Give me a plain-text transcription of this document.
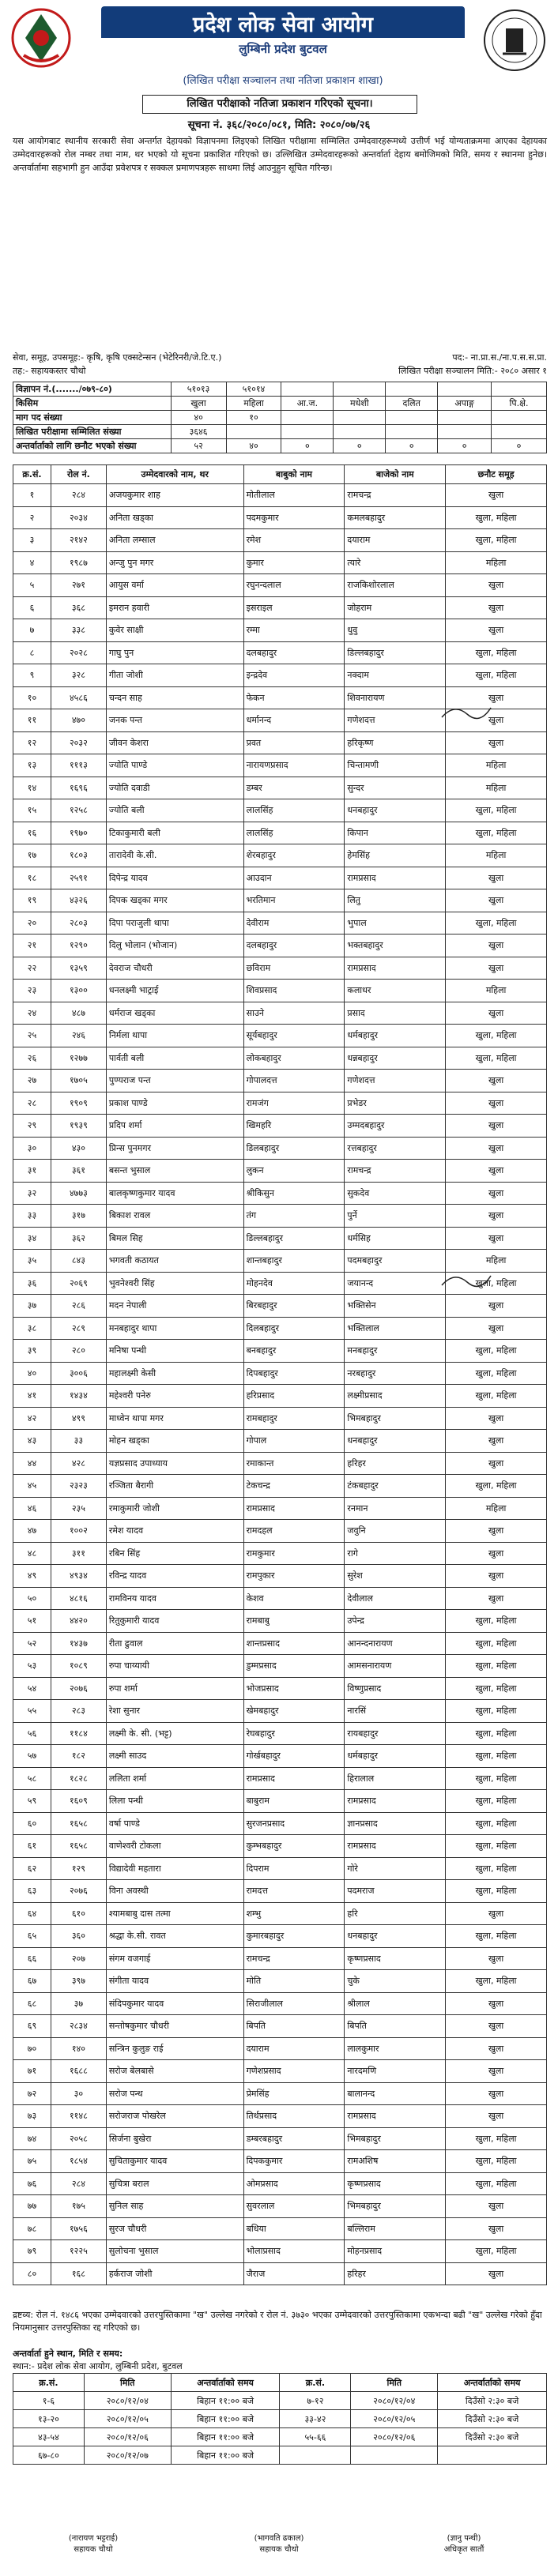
प्रदेश लोक सेवा आयोग
लुम्बिनी प्रदेश बुटवल
(लिखित परीक्षा सञ्चालन तथा नतिजा प्रकाशन शाखा)
लिखित परीक्षाको नतिजा प्रकाशन गरिएको सूचना।
सूचना नं. ३६८/२०८०/०८१, मिति: २०८०/०७/२६
यस आयोगबाट स्थानीय सरकारी सेवा अन्तर्गत देहायको विज्ञापनमा लिइएको लिखित परीक्षामा सम्मिलित उम्मेदवारहरूमध्ये उत्तीर्ण भई योग्यताक्रममा आएका देहायका उम्मेदवारहरूको रोल नम्बर तथा नाम, थर भएको यो सूचना प्रकाशित गरिएको छ। उल्लिखित उम्मेदवारहरूको अन्तर्वार्ता देहाय बमोजिमको मिति, समय र स्थानमा हुनेछ। अन्तर्वार्तामा सहभागी हुन आउँदा प्रवेशपत्र र सक्कल प्रमाणपत्रहरू साथमा लिई आउनुहुन सूचित गरिन्छ।
सेवा, समूह, उपसमूह:- कृषि, कृषि एक्सटेन्सन (भेटेरिनरी/जे.टि.ए.)	पद:- ना.प्रा.स./ना.प.स.स.प्रा.
तह:- सहायकस्तर चौथो	लिखित परीक्षा सञ्चालन मिति:- २०८० असार १
विज्ञापन नं.(......./०७९-८०)	५१०१३	५१०१४					
किसिम	खुला	महिला	आ.ज.	मधेशी	दलित	अपाङ्ग	पि.क्षे.
माग पद संख्या	४०	१०					
लिखित परीक्षामा सम्मिलित संख्या	३६४६						
अन्तर्वार्ताको लागि छनौट भएको संख्या	५२	४०	०	०	०	०	०
क्र.सं.	रोल नं.	उम्मेदवारको नाम, थर	बाबुको नाम	बाजेको नाम	छनौट समूह
१	२८४	अजयकुमार शाह	मोतीलाल	रामचन्द्र	खुला
२	२०३४	अनिता खड्का	पदमकुमार	कमलबहादुर	खुला, महिला
३	२१४२	अनिता लम्साल	रमेश	दयाराम	खुला, महिला
४	१९८७	अन्जु पुन मगर	कुमार	त्यारे	महिला
५	२७१	आयुस वर्मा	रघुनन्दलाल	राजकिशोरलाल	खुला
६	३६८	इमरान हवारी	इसराइल	जोहराम	खुला
७	३३८	कुवेर साक्षी	रम्मा	धुवु	खुला
८	२०२८	गाघु पुन	दलबहादुर	डिल्लबहादुर	खुला, महिला
९	३२८	गीता जोशी	इन्द्रदेव	नक्दाम	खुला, महिला
१०	४५८६	चन्दन साह	फेकन	शिवनारायण	खुला
११	४७०	जनक पन्त	धर्मानन्द	गणेशदत्त	खुला
१२	२०३२	जीवन केशरा	प्रवत	हरिकृष्ण	खुला
१३	१११३	ज्योति पाण्डे	नारायणप्रसाद	चिन्तामणी	महिला
१४	१६९६	ज्योति दवाडी	डम्बर	सुन्दर	महिला
१५	१२५८	ज्योति बली	लालसिंह	धनबहादुर	खुला, महिला
१६	१९७०	टिकाकुमारी बली	लालसिंह	किपान	खुला, महिला
१७	१८०३	तारादेवी के.सी.	शेरबहादुर	हेमसिंह	महिला
१८	२५९१	दिपेन्द्र यादव	आउदान	रामप्रसाद	खुला
१९	४३२६	दिपक खड्का मगर	भरतिमान	लितु	खुला
२०	२८०३	दिपा पराजुली थापा	देवीराम	भुपाल	खुला, महिला
२१	१२९०	दिलु भोलान (भोजान)	दलबहादुर	भक्तबहादुर	खुला
२२	१३५९	देवराज चौधरी	छविराम	रामप्रसाद	खुला
२३	१३००	धनलक्ष्मी भाट्राई	शिवप्रसाद	कलाधर	महिला
२४	४८७	धर्मराज खड्का	साउने	प्रसाद	खुला
२५	२४६	निर्मला थापा	सूर्यबहादुर	धर्मबहादुर	खुला, महिला
२६	१२७७	पार्वती बली	लोकबहादुर	धन्नबहादुर	खुला, महिला
२७	१७०५	पुण्यराज पन्त	गोपालदत्त	गणेशदत्त	खुला
२८	१९०९	प्रकाश पाण्डे	रामजंग	प्रभेडर	खुला
२९	१९३९	प्रदिप शर्मा	खिमहरि	उम्मदबहादुर	खुला
३०	४३०	प्रिन्स पुनमगर	डिलबहादुर	रत्तबहादुर	खुला
३१	३६१	बसन्त भुसाल	लुकन	रामचन्द्र	खुला
३२	४७७३	बालकृष्णकुमार यादव	श्रीकिसुन	सुकदेव	खुला
३३	३१७	बिकाश रावल	तंग	पुर्ने	खुला
३४	३६२	बिमल सिह	डिल्लबहादुर	धर्मसिह	खुला
३५	८४३	भगवती कठायत	शान्तबहादुर	पदमबहादुर	महिला
३६	२०६९	भुवनेश्वरी सिंह	मोहनदेव	जयानन्द	खुला, महिला
३७	२८६	मदन नेपाली	बिरबहादुर	भक्तिसेन	खुला
३८	२८९	मनबहादुर थापा	दिलबहादुर	भक्तिलाल	खुला
३९	२८०	मनिषा पन्थी	बनबहादुर	मनबहादुर	खुला, महिला
४०	३००६	महालक्ष्मी केसी	दिपबहादुर	नरबहादुर	खुला, महिला
४१	१४३४	महेश्वरी पनेरु	हरिप्रसाद	लक्ष्मीप्रसाद	खुला, महिला
४२	४९९	माध्वेन थापा मगर	रामबहादुर	भिमबहादुर	खुला
४३	३३	मोहन खड्का	गोपाल	धनबहादुर	खुला
४४	४२८	यज्ञप्रसाद उपाध्याय	रमाकान्त	हरिहर	खुला
४५	२३२३	रञ्जिता बैरागी	टेकचन्द्र	टंकबहादुर	खुला, महिला
४६	२३५	रमाकुमारी जोशी	रामप्रसाद	रनमान	महिला
४७	१००२	रमेश यादव	रामदहल	जवुनि	खुला
४८	३११	रबिन सिंह	रामकुमार	रागे	खुला
४९	४९३४	रविन्द्र यादव	रामपुकार	सुरेश	खुला
५०	४८१६	रामविनय यादव	केशव	देवीलाल	खुला
५१	४४२०	रितुकुमारी यादव	रामबाबु	उपेन्द्र	खुला, महिला
५२	१४३७	रीता ढुवाल	शान्तप्रसाद	आनन्दनारायण	खुला, महिला
५३	१०८९	रुपा चाय्यायी	डुम्मप्रसाद	आमसनारायण	खुला, महिला
५४	२०७६	रुपा शर्मा	भोजप्रसाद	विष्णुप्रसाद	खुला, महिला
५५	२८३	रेशा सुनार	खेमबहादुर	नारसिं	खुला, महिला
५६	११८४	लक्ष्मी के. सी. (भट्ट)	रेघबहादुर	रायबहादुर	खुला, महिला
५७	१८२	लक्ष्मी साउद	गोर्खबहादुर	धर्मबहादुर	खुला, महिला
५८	१८२८	ललिता शर्मा	रामप्रसाद	हिरालाल	खुला, महिला
५९	१६०९	लिला पन्थी	बाबुराम	रामप्रसाद	खुला, महिला
६०	१६५८	वर्षा पाण्डे	सुरजनप्रसाद	ज्ञानप्रसाद	खुला, महिला
६१	१६५८	वाणेश्वरी टोकला	कुम्भबहादुर	रामप्रसाद	खुला, महिला
६२	१२९	विद्यादेवी महतारा	दिपराम	गोरे	खुला, महिला
६३	२०७६	विना अवस्थी	रामदत्त	पदमराज	खुला, महिला
६४	६१०	श्यामबाबु दास तत्मा	शम्भु	हरि	खुला
६५	३६०	श्रद्धा के.सी. रावत	कुमारबहादुर	धनबहादुर	खुला, महिला
६६	२०७	संगम वजगाई	रामचन्द्र	कृष्णप्रसाद	खुला
६७	३९७	संगीता यादव	मोति	चुके	खुला, महिला
६८	३७	संदिपकुमार यादव	सिराजीलाल	श्रीलाल	खुला
६९	२८३४	सन्तोषकुमार चौधरी	बिपति	बिपति	खुला
७०	१४०	सन्त्रिन कुलुङ राई	दयाराम	लालकुमार	खुला
७१	१६८८	सरोज बेलबासे	गणेशप्रसाद	नारदमणि	खुला
७२	३०	सरोज पन्थ	प्रेमसिंह	बालानन्द	खुला
७३	११४८	सरोजराज पोखरेल	तिर्थप्रसाद	रामप्रसाद	खुला
७४	२०५८	सिर्जना बुखेरा	डम्बरबहादुर	भिमबहादुर	खुला, महिला
७५	१८५४	सुचिताकुमार यादव	दिपककुमार	रामअशिष	खुला, महिला
७६	२८४	सुचित्रा बराल	ओमप्रसाद	कृष्णप्रसाद	खुला, महिला
७७	१७५	सुनिल साह	सुवरलाल	भिमबहादुर	खुला
७८	१७५६	सुरज चौधरी	बधिया	बल्लिराम	खुला
७९	१२२५	सुलोचना भुसाल	भोलाप्रसाद	मोहनप्रसाद	खुला, महिला
८०	१६८	हर्कराज जोशी	जैराज	हरिहर	खुला
द्रष्टव्य: रोल नं. १४८६ भएका उम्मेदवारको उत्तरपुस्तिकामा "ख" उल्लेख नगरेको र रोल नं. ३७३० भएका उम्मेदवारको उत्तरपुस्तिकामा एकभन्दा बढी "ख" उल्लेख गरेको हुँदा नियमानुसार उत्तरपुस्तिका रद्द गरिएको छ।
अन्तर्वार्ता हुने स्थान, मिति र समय:
स्थान:- प्रदेश लोक सेवा आयोग, लुम्बिनी प्रदेश, बुटवल
क्र.सं.	मिति	अन्तर्वार्ताको समय	क्र.सं.	मिति	अन्तर्वार्ताको समय
१-६	२०८०/१२/०४	बिहान ११:०० बजे	७-१२	२०८०/१२/०४	दिउँसो २:३० बजे
१३-२०	२०८०/१२/०५	बिहान ११:०० बजे	३३-४२	२०८०/१२/०५	दिउँसो २:३० बजे
४३-५४	२०८०/१२/०६	बिहान ११:०० बजे	५५-६६	२०८०/१२/०६	दिउँसो २:३० बजे
६७-८०	२०८०/१२/०७	बिहान ११:०० बजे			
(नारायण भट्टराई)
सहायक चौथो
(भागवति ढकाल)
सहायक चौथो
(ज्ञानु पन्थी)
अधिकृत सातौं
